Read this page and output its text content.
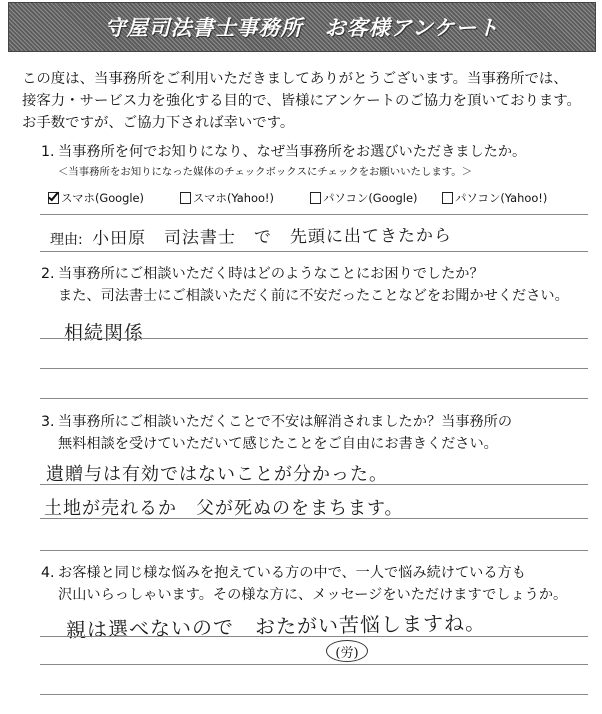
守屋司法書士事務所　お客様アンケート
この度は、当事務所をご利用いただきましてありがとうございます。当事務所では、
接客力・サービス力を強化する目的で、皆様にアンケートのご協力を頂いております。
お手数ですが、ご協力下されば幸いです。
1. 当事務所を何でお知りになり、なぜ当事務所をお選びいただきましたか。
＜当事務所をお知りになった媒体のチェックボックスにチェックをお願いいたします。＞
スマホ(Google)	スマホ(Yahoo!)	パソコン(Google)	パソコン(Yahoo!)
理由: 小田原　司法書士　で　先頭に出てきたから
2. 当事務所にご相談いただく時はどのようなことにお困りでしたか？
また、司法書士にご相談いただく前に不安だったことなどをお聞かせください。
相続関係
3. 当事務所にご相談いただくことで不安は解消されましたか？当事務所の
無料相談を受けていただいて感じたことをご自由にお書きください。
遺贈与は有効ではないことが分かった。
土地が売れるか　父が死ぬのをまちます。
4. お客様と同じ様な悩みを抱えている方の中で、一人で悩み続けている方も
沢山いらっしゃいます。その様な方に、メッセージをいただけますでしょうか。
親は選べないので　おたがい苦悩しますね。
(労)
